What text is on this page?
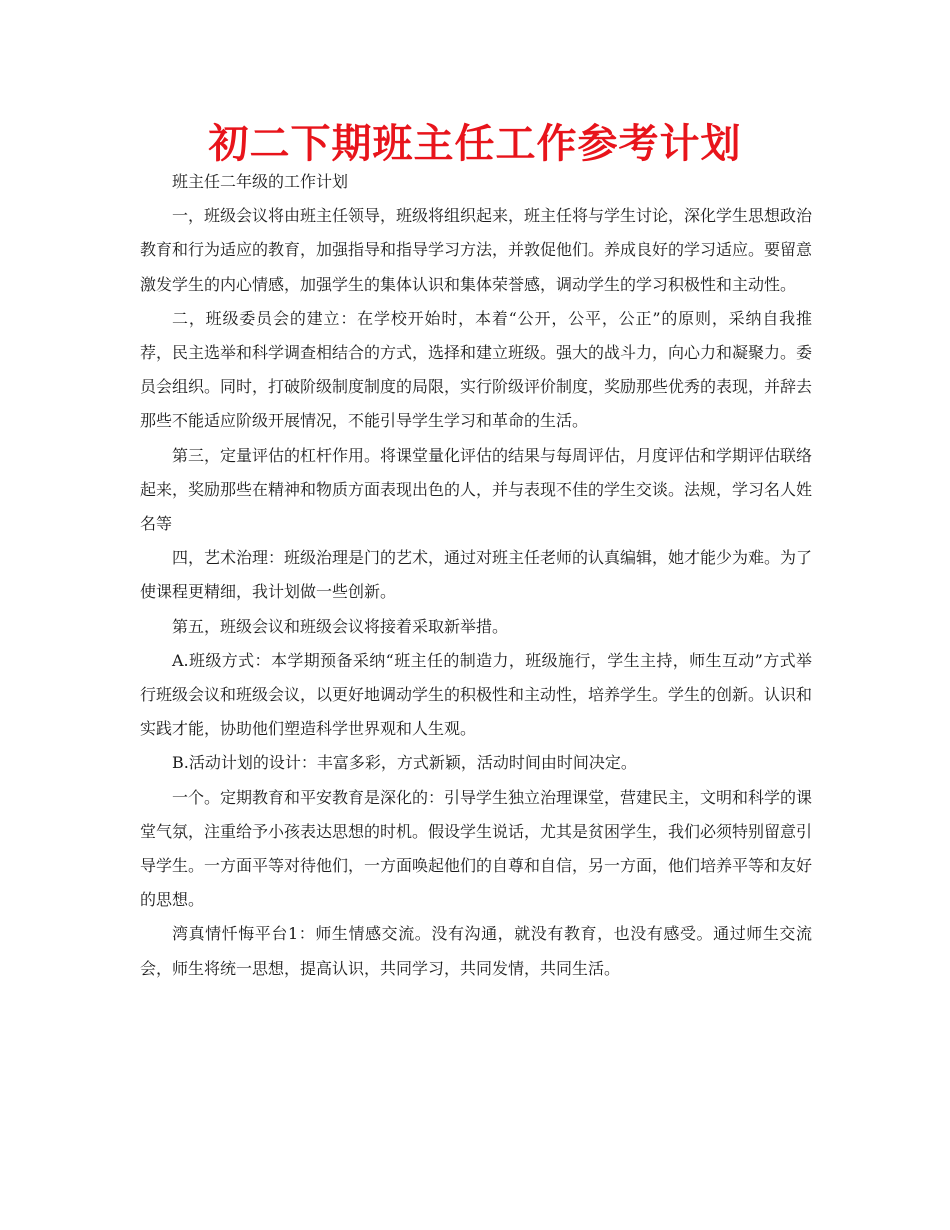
初二下期班主任工作参考计划

班主任二年级的工作计划

一，班级会议将由班主任领导，班级将组织起来，班主任将与学生讨论，深化学生思想政治教育和行为适应的教育，加强指导和指导学习方法，并敦促他们。养成良好的学习适应。要留意激发学生的内心情感，加强学生的集体认识和集体荣誉感，调动学生的学习积极性和主动性。

二，班级委员会的建立：在学校开始时，本着“公开，公平，公正”的原则，采纳自我推荐，民主选举和科学调查相结合的方式，选择和建立班级。强大的战斗力，向心力和凝聚力。委员会组织。同时，打破阶级制度制度的局限，实行阶级评价制度，奖励那些优秀的表现，并辞去那些不能适应阶级开展情况，不能引导学生学习和革命的生活。

第三，定量评估的杠杆作用。将课堂量化评估的结果与每周评估，月度评估和学期评估联络起来，奖励那些在精神和物质方面表现出色的人，并与表现不佳的学生交谈。法规，学习名人姓名等

四，艺术治理：班级治理是门的艺术，通过对班主任老师的认真编辑，她才能少为难。为了使课程更精细，我计划做一些创新。

第五，班级会议和班级会议将接着采取新举措。

A.班级方式：本学期预备采纳“班主任的制造力，班级施行，学生主持，师生互动”方式举行班级会议和班级会议，以更好地调动学生的积极性和主动性，培养学生。学生的创新。认识和实践才能，协助他们塑造科学世界观和人生观。

B.活动计划的设计：丰富多彩，方式新颖，活动时间由时间决定。

一个。定期教育和平安教育是深化的：引导学生独立治理课堂，营建民主，文明和科学的课堂气氛，注重给予小孩表达思想的时机。假设学生说话，尤其是贫困学生，我们必须特别留意引导学生。一方面平等对待他们，一方面唤起他们的自尊和自信，另一方面，他们培养平等和友好的思想。

湾真情忏悔平台1：师生情感交流。没有沟通，就没有教育，也没有感受。通过师生交流会，师生将统一思想，提高认识，共同学习，共同发情，共同生活。
